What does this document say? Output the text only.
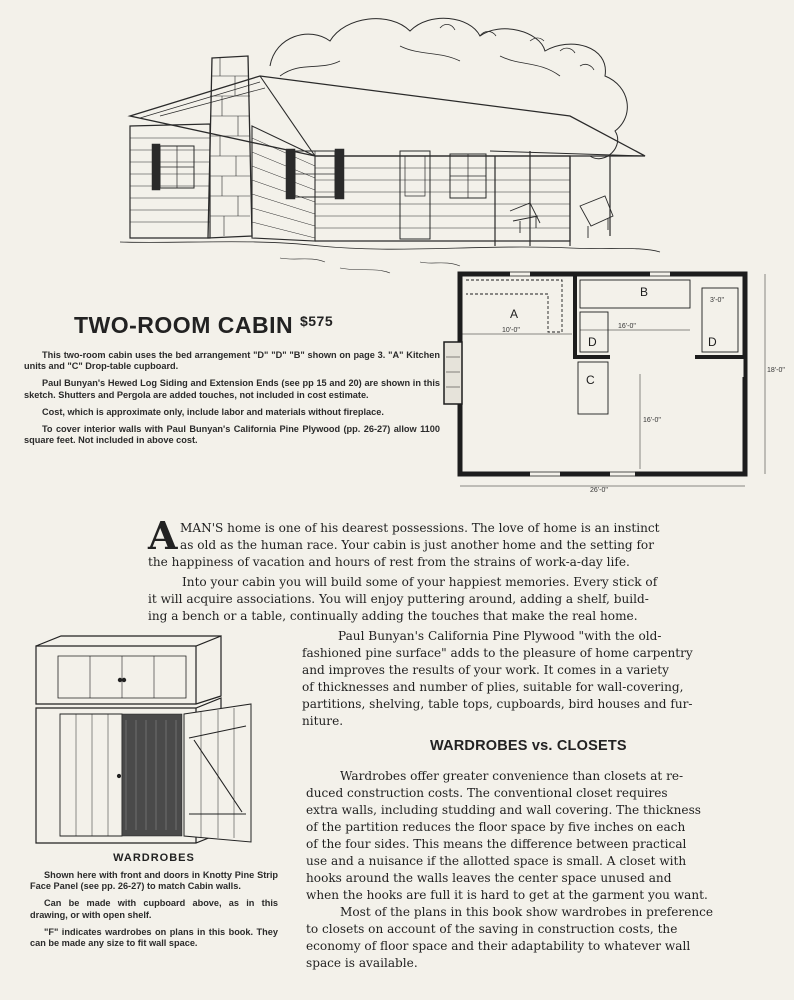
A
B
D	D
C
10'-0"
16'-0"
3'-0"
16'-0"
18'-0"
26'-0"
TWO-ROOM CABIN $^{\$575}$

This two-room cabin uses the bed arrangement "D" "D" "B" shown on page 3. "A" Kitchen units and "C" Drop-table cupboard.

Paul Bunyan's Hewed Log Siding and Extension Ends (see pp 15 and 20) are shown in this sketch. Shutters and Pergola are added touches, not included in cost estimate.

Cost, which is approximate only, include labor and materials without fireplace.

To cover interior walls with Paul Bunyan's California Pine Plywood (pp. 26-27) allow 1100 square feet. Not included in above cost.

A MAN'S home is one of his dearest possessions. The love of home is an instinct
as old as the human race. Your cabin is just another home and the setting for
the happiness of vacation and hours of rest from the strains of work-a-day life.
Into your cabin you will build some of your happiest memories. Every stick of
it will acquire associations. You will enjoy puttering around, adding a shelf, build-
ing a bench or a table, continually adding the touches that make the real home.
Paul Bunyan's California Pine Plywood "with the old-
fashioned pine surface" adds to the pleasure of home carpentry
and improves the results of your work. It comes in a variety
of thicknesses and number of plies, suitable for wall-covering,
partitions, shelving, table tops, cupboards, bird houses and fur-
niture.
WARDROBES vs. CLOSETS
Wardrobes offer greater convenience than closets at re-
duced construction costs. The conventional closet requires
extra walls, including studding and wall covering. The thickness
of the partition reduces the floor space by five inches on each
of the four sides. This means the difference between practical
use and a nuisance if the allotted space is small. A closet with
hooks around the walls leaves the center space unused and
when the hooks are full it is hard to get at the garment you want.
Most of the plans in this book show wardrobes in preference
to closets on account of the saving in construction costs, the
economy of floor space and their adaptability to whatever wall
space is available.
WARDROBES

Shown here with front and doors in Knotty Pine Strip Face Panel (see pp. 26-27) to match Cabin walls.

Can be made with cupboard above, as in this drawing, or with open shelf.

"F" indicates wardrobes on plans in this book. They can be made any size to fit wall space.
